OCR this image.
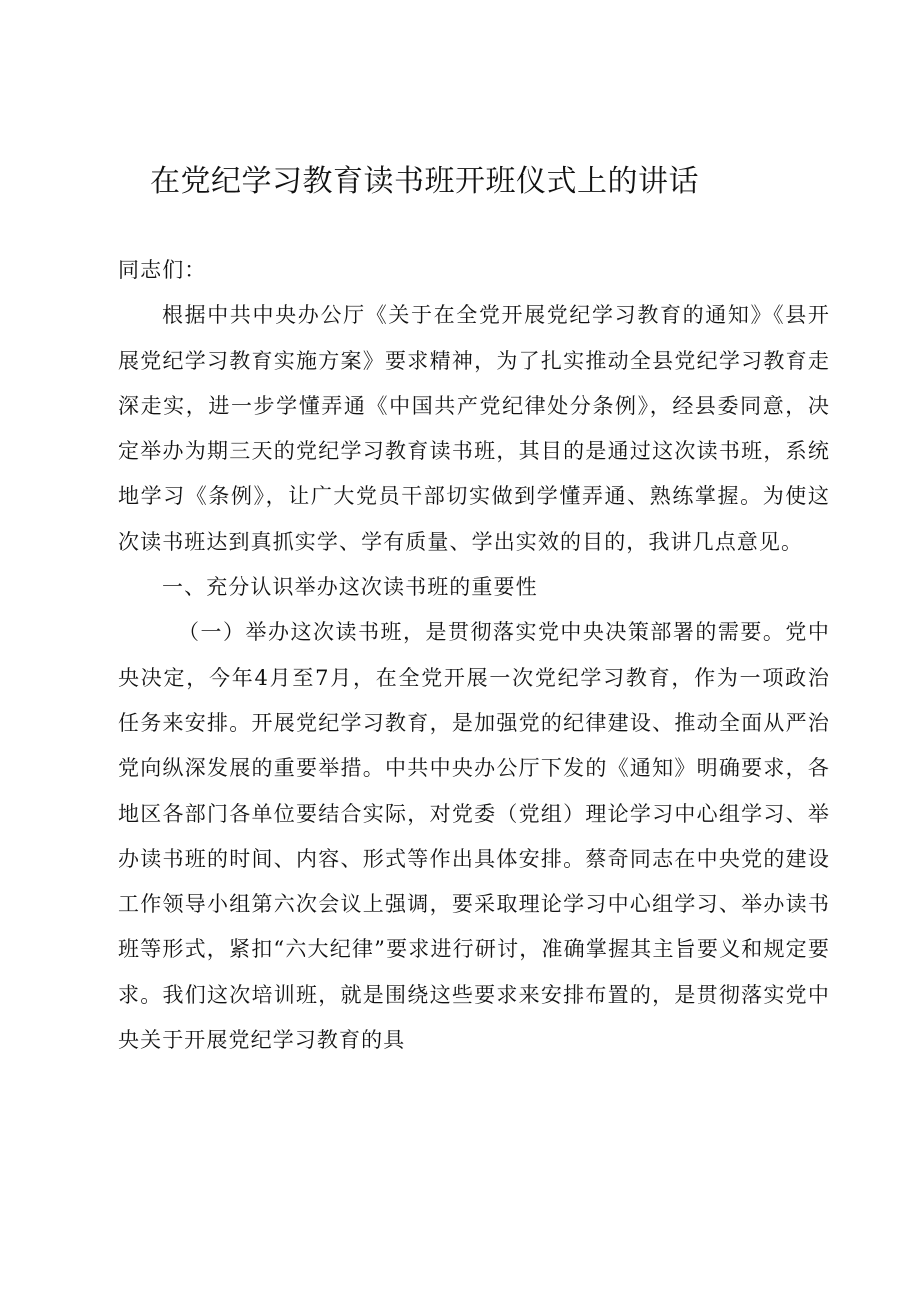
在党纪学习教育读书班开班仪式上的讲话

同志们：

根据中共中央办公厅《关于在全党开展党纪学习教育的通知》《县开展党纪学习教育实施方案》要求精神，为了扎实推动全县党纪学习教育走深走实，进一步学懂弄通《中国共产党纪律处分条例》，经县委同意，决定举办为期三天的党纪学习教育读书班，其目的是通过这次读书班，系统地学习《条例》，让广大党员干部切实做到学懂弄通、熟练掌握。为使这次读书班达到真抓实学、学有质量、学出实效的目的，我讲几点意见。

一、充分认识举办这次读书班的重要性

（一）举办这次读书班，是贯彻落实党中央决策部署的需要。党中央决定，今年4月至7月，在全党开展一次党纪学习教育，作为一项政治任务来安排。开展党纪学习教育，是加强党的纪律建设、推动全面从严治党向纵深发展的重要举措。中共中央办公厅下发的《通知》明确要求，各地区各部门各单位要结合实际，对党委（党组）理论学习中心组学习、举办读书班的时间、内容、形式等作出具体安排。蔡奇同志在中央党的建设工作领导小组第六次会议上强调，要采取理论学习中心组学习、举办读书班等形式，紧扣“六大纪律”要求进行研讨，准确掌握其主旨要义和规定要求。我们这次培训班，就是围绕这些要求来安排布置的，是贯彻落实党中央关于开展党纪学习教育的具
